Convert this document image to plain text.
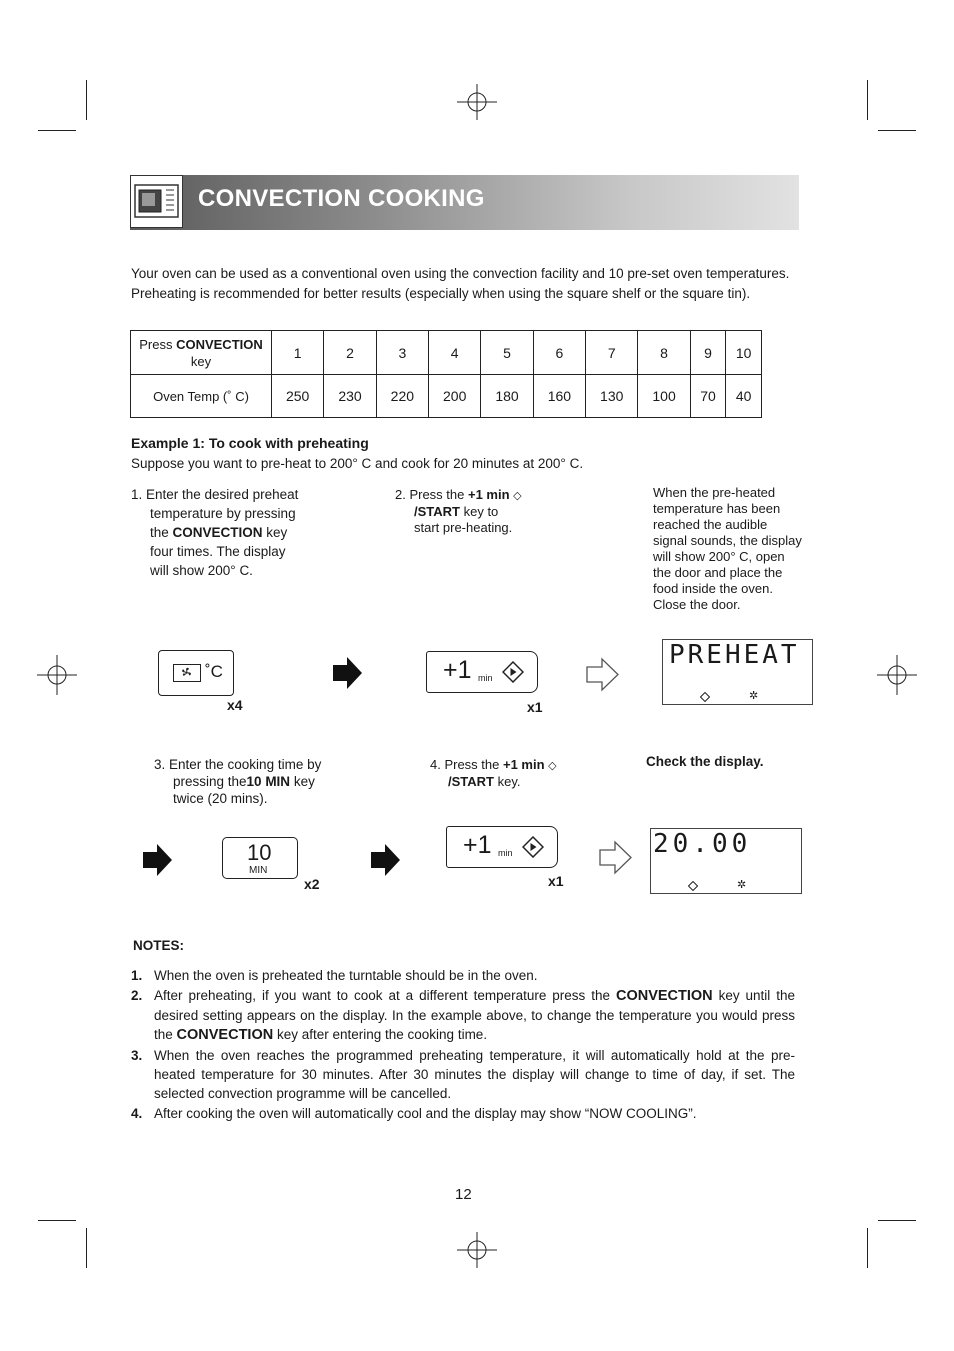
CONVECTION COOKING
Your oven can be used as a conventional oven using the convection facility and 10 pre-set oven temperatures. Preheating is recommended for better results (especially when using the square shelf or the square tin).
Press CONVECTION
key	1	2	3	4	5	6	7	8	9	10
Oven Temp (˚ C)	250	230	220	200	180	160	130	100	70	40
Example 1: To cook with preheating
Suppose you want to pre-heat to 200° C and cook for 20 minutes at 200° C.
1. Enter the desired preheat
temperature by pressing
the CONVECTION key
four times. The display
will show 200° C.
2. Press the +1 min ◇
/START key to
start pre-heating.
When the pre-heated
temperature has been
reached the audible
signal sounds, the display
will show 200° C, open
the door and place the
food inside the oven.
Close the door.
˚C
x4
+1 min
x1
PREHEAT
✲
3. Enter the cooking time by
pressing the10 MIN key
twice (20 mins).
4. Press the +1 min ◇
/START key.
Check the display.
10
MIN
x2
+1 min
x1
20.00
✲
NOTES:
1. When the oven is preheated the turntable should be in the oven.
2. After preheating, if you want to cook at a different temperature press the CONVECTION key until the desired setting appears on the display. In the example above, to change the temperature you would press the CONVECTION key after entering the cooking time.
3. When the oven reaches the programmed preheating temperature, it will automatically hold at the pre-heated temperature for 30 minutes. After 30 minutes the display will change to time of day, if set. The selected convection programme will be cancelled.
4. After cooking the oven will automatically cool and the display may show “NOW COOLING”.
12
